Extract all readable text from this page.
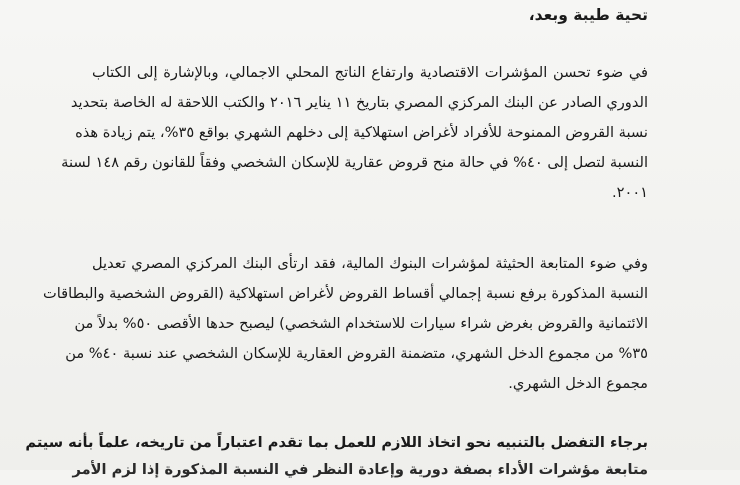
تحية طيبة وبعد،
في ضوء تحسن المؤشرات الاقتصادية وارتفاع الناتج المحلي الاجمالي، وبالإشارة إلى الكتاب
الدوري الصادر عن البنك المركزي المصري بتاريخ ١١ يناير ٢٠١٦ والكتب اللاحقة له الخاصة بتحديد
نسبة القروض الممنوحة للأفراد لأغراض استهلاكية إلى دخلهم الشهري بواقع ٣٥%، يتم زيادة هذه
النسبة لتصل إلى ٤٠% في حالة منح قروض عقارية للإسكان الشخصي وفقاً للقانون رقم ١٤٨ لسنة
٢٠٠١.
وفي ضوء المتابعة الحثيثة لمؤشرات البنوك المالية، فقد ارتأى البنك المركزي المصري تعديل
النسبة المذكورة برفع نسبة إجمالي أقساط القروض لأغراض استهلاكية (القروض الشخصية والبطاقات
الائتمانية والقروض بغرض شراء سيارات للاستخدام الشخصي) ليصبح حدها الأقصى ٥٠% بدلاً من
٣٥% من مجموع الدخل الشهري، متضمنة القروض العقارية للإسكان الشخصي عند نسبة ٤٠% من
مجموع الدخل الشهري.
برجاء التفضل بالتنبيه نحو اتخاذ اللازم للعمل بما تقدم اعتباراً من تاريخه، علماً بأنه سيتم
متابعة مؤشرات الأداء بصفة دورية وإعادة النظر في النسبة المذكورة إذا لزم الأمر
